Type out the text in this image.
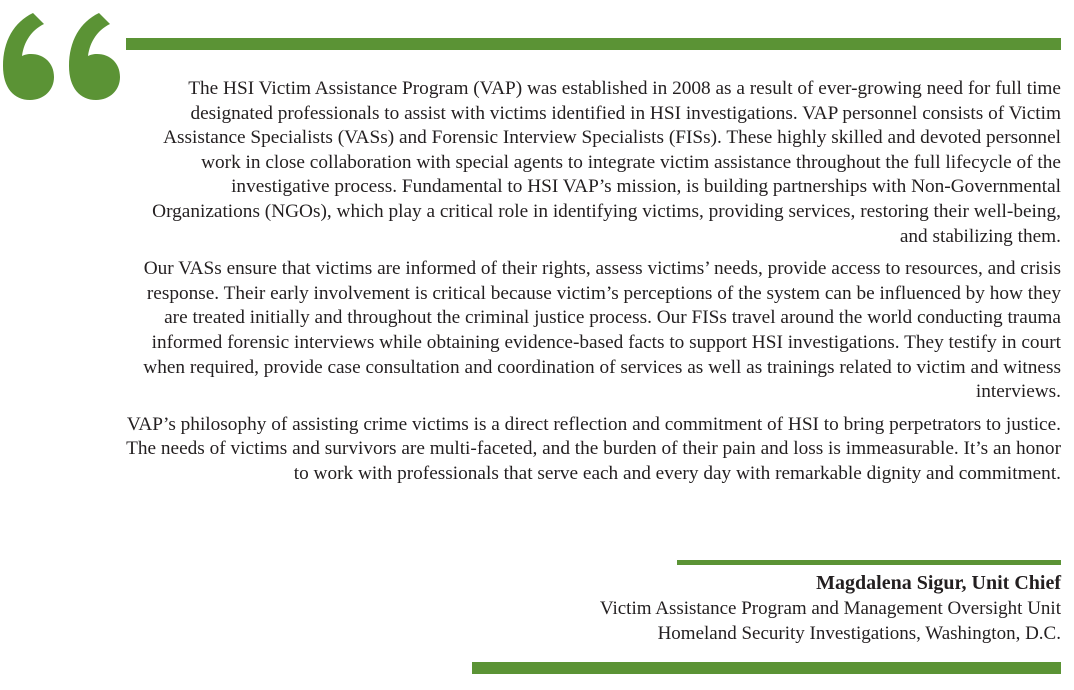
The HSI Victim Assistance Program (VAP) was established in 2008 as a result of ever-growing need for full time designated professionals to assist with victims identified in HSI investigations. VAP personnel consists of Victim Assistance Specialists (VASs) and Forensic Interview Specialists (FISs). These highly skilled and devoted personnel work in close collaboration with special agents to integrate victim assistance throughout the full lifecycle of the investigative process. Fundamental to HSI VAP’s mission, is building partnerships with Non-Governmental Organizations (NGOs), which play a critical role in identifying victims, providing services, restoring their well-being, and stabilizing them.

Our VASs ensure that victims are informed of their rights, assess victims’ needs, provide access to resources, and crisis response. Their early involvement is critical because victim’s perceptions of the system can be influenced by how they are treated initially and throughout the criminal justice process. Our FISs travel around the world conducting trauma informed forensic interviews while obtaining evidence-based facts to support HSI investigations. They testify in court when required, provide case consultation and coordination of services as well as trainings related to victim and witness interviews.

VAP’s philosophy of assisting crime victims is a direct reflection and commitment of HSI to bring perpetrators to justice. The needs of victims and survivors are multi-faceted, and the burden of their pain and loss is immeasurable. It’s an honor to work with professionals that serve each and every day with remarkable dignity and commitment.

Magdalena Sigur, Unit Chief
Victim Assistance Program and Management Oversight Unit
Homeland Security Investigations, Washington, D.C.
